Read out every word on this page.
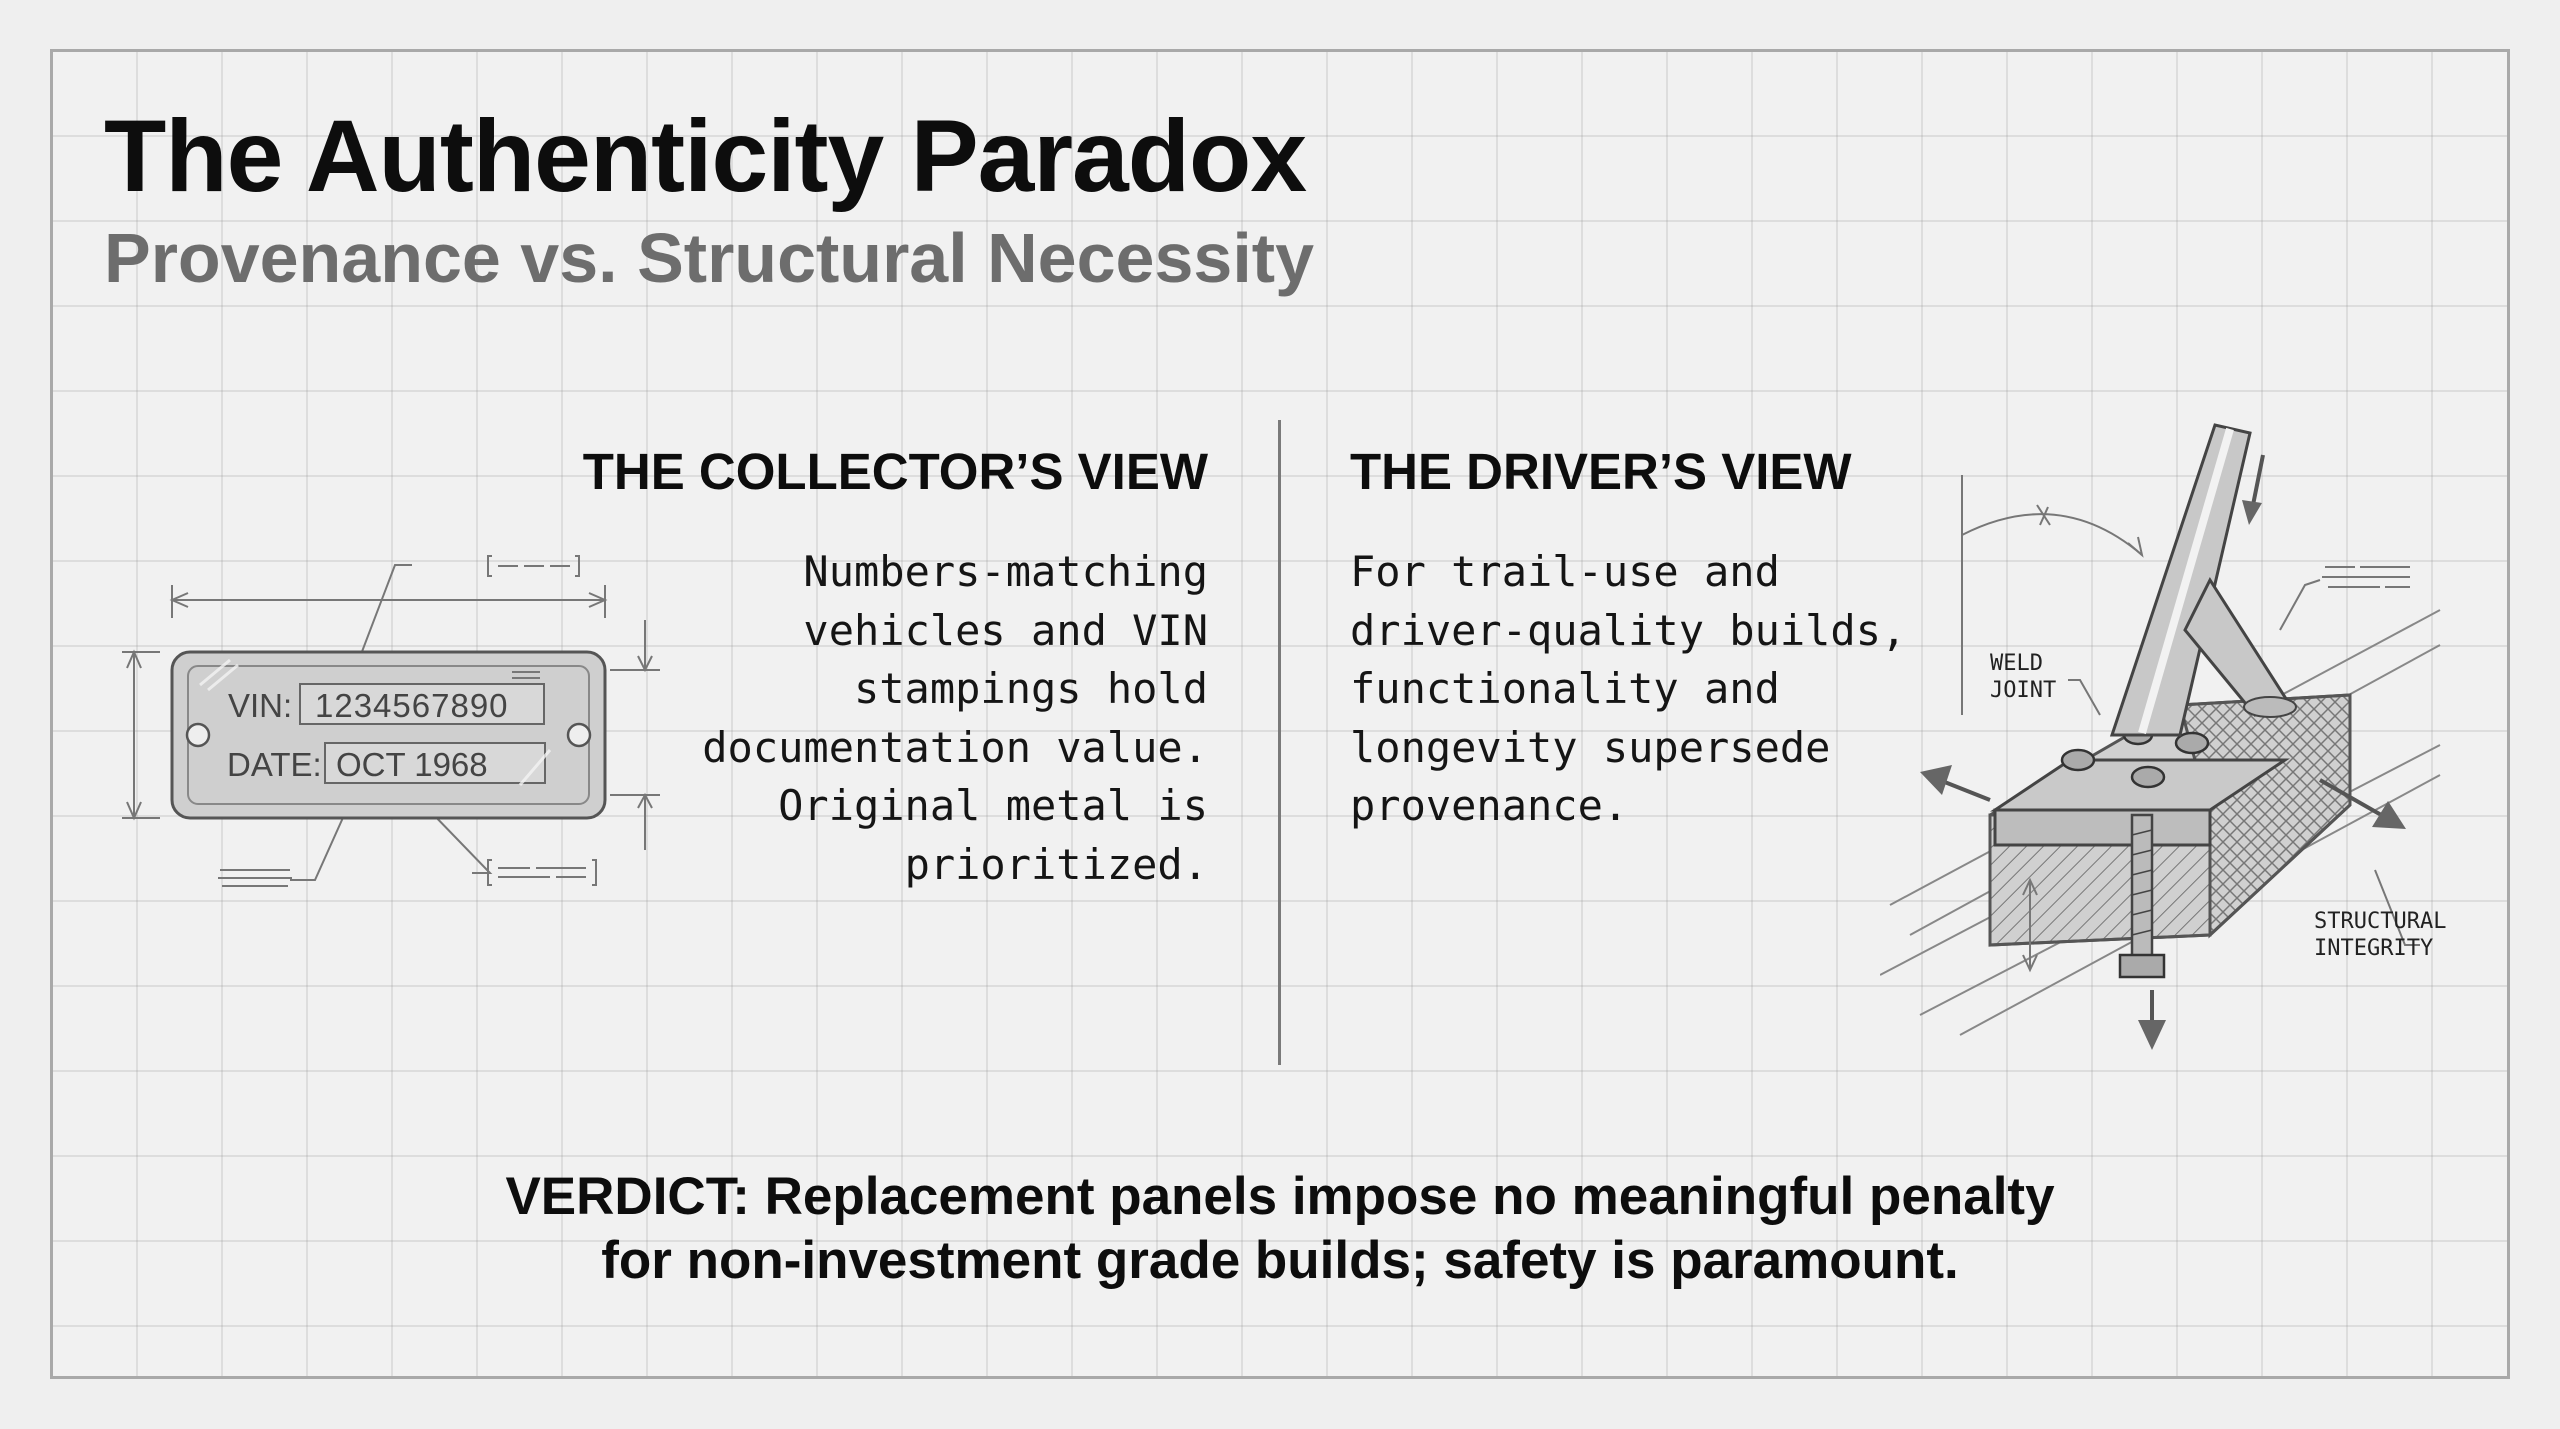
The Authenticity Paradox
Provenance vs. Structural Necessity
THE COLLECTOR’S VIEW
Numbers-matching
vehicles and VIN
stampings hold
documentation value.
Original metal is
prioritized.
VIN: 1234567890
DATE: OCT 1968
THE DRIVER’S VIEW
For trail-use and
driver-quality builds,
functionality and
longevity supersede
provenance.
WELD
JOINT
STRUCTURAL
INTEGRITY

VERDICT: Replacement panels impose no meaningful penalty
for non-investment grade builds; safety is paramount.
